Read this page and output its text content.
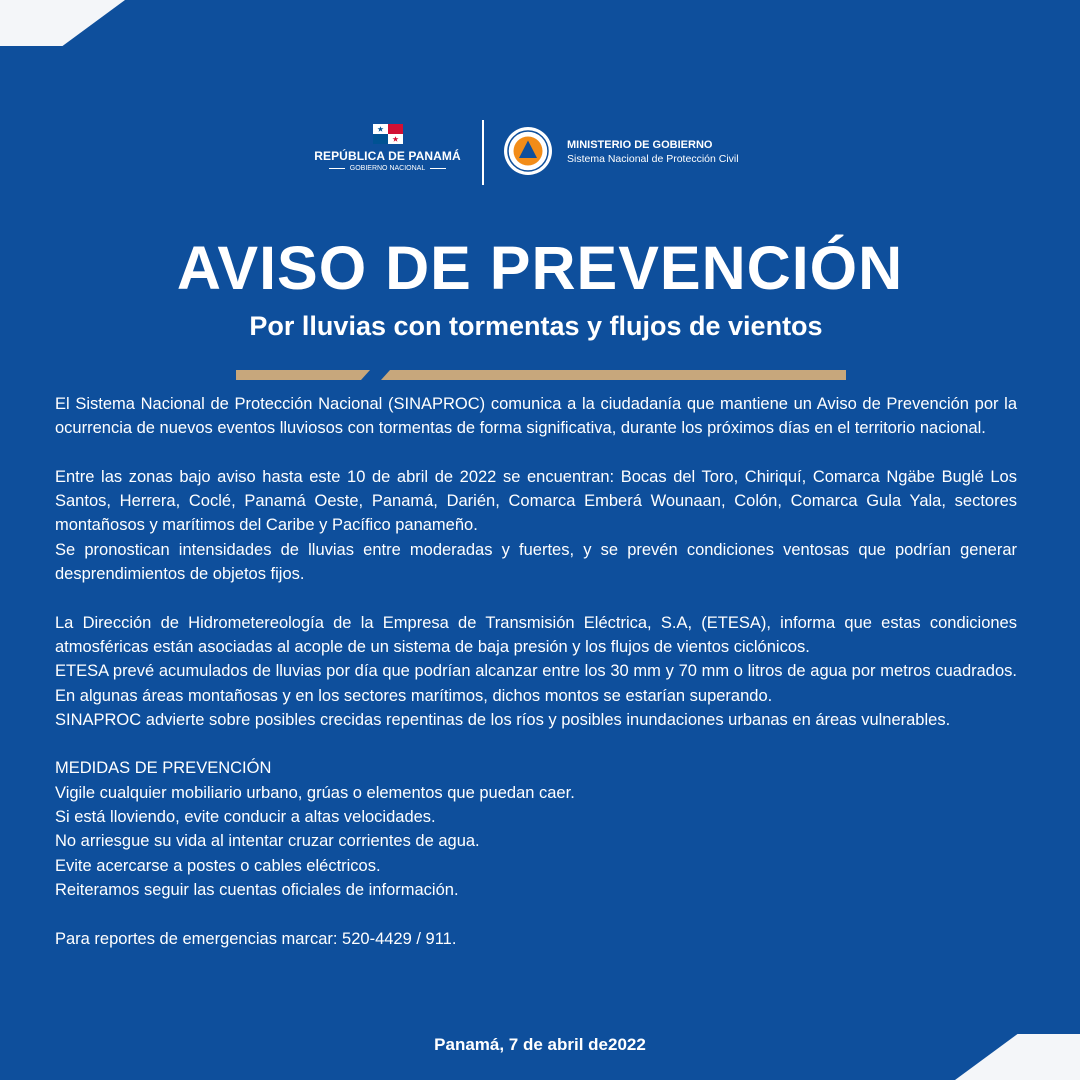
REPÚBLICA DE PANAMÁ
GOBIERNO NACIONAL
MINISTERIO DE GOBIERNO
Sistema Nacional de Protección Civil
AVISO DE PREVENCIÓN
Por lluvias con tormentas y flujos de vientos

El Sistema Nacional de Protección Nacional (SINAPROC) comunica a la ciudadanía que mantiene un Aviso de Prevención por la ocurrencia de nuevos eventos lluviosos con tormentas de forma significativa, durante los próximos días en el territorio nacional.

Entre las zonas bajo aviso hasta este 10 de abril de 2022 se encuentran: Bocas del Toro, Chiriquí, Comarca Ngäbe Buglé Los Santos, Herrera, Coclé, Panamá Oeste, Panamá, Darién, Comarca Emberá Wounaan, Colón, Comarca Gula Yala, sectores montañosos y marítimos del Caribe y Pacífico panameño.

Se pronostican intensidades de lluvias entre moderadas y fuertes, y se prevén condiciones ventosas que podrían generar desprendimientos de objetos fijos.

La Dirección de Hidrometereología de la Empresa de Transmisión Eléctrica, S.A, (ETESA), informa que estas condiciones atmosféricas están asociadas al acople de un sistema de baja presión y los flujos de vientos ciclónicos.

ETESA prevé acumulados de lluvias por día que podrían alcanzar entre los 30 mm y 70 mm o litros de agua por metros cuadrados. En algunas áreas montañosas y en los sectores marítimos, dichos montos se estarían superando.

SINAPROC advierte sobre posibles crecidas repentinas de los ríos y posibles inundaciones urbanas en áreas vulnerables.

MEDIDAS DE PREVENCIÓN

Vigile cualquier mobiliario urbano, grúas o elementos que puedan caer.

Si está lloviendo, evite conducir a altas velocidades.

No arriesgue su vida al intentar cruzar corrientes de agua.

Evite acercarse a postes o cables eléctricos.

Reiteramos seguir las cuentas oficiales de información.

Para reportes de emergencias marcar: 520-4429 / 911.

Panamá, 7 de abril de2022
